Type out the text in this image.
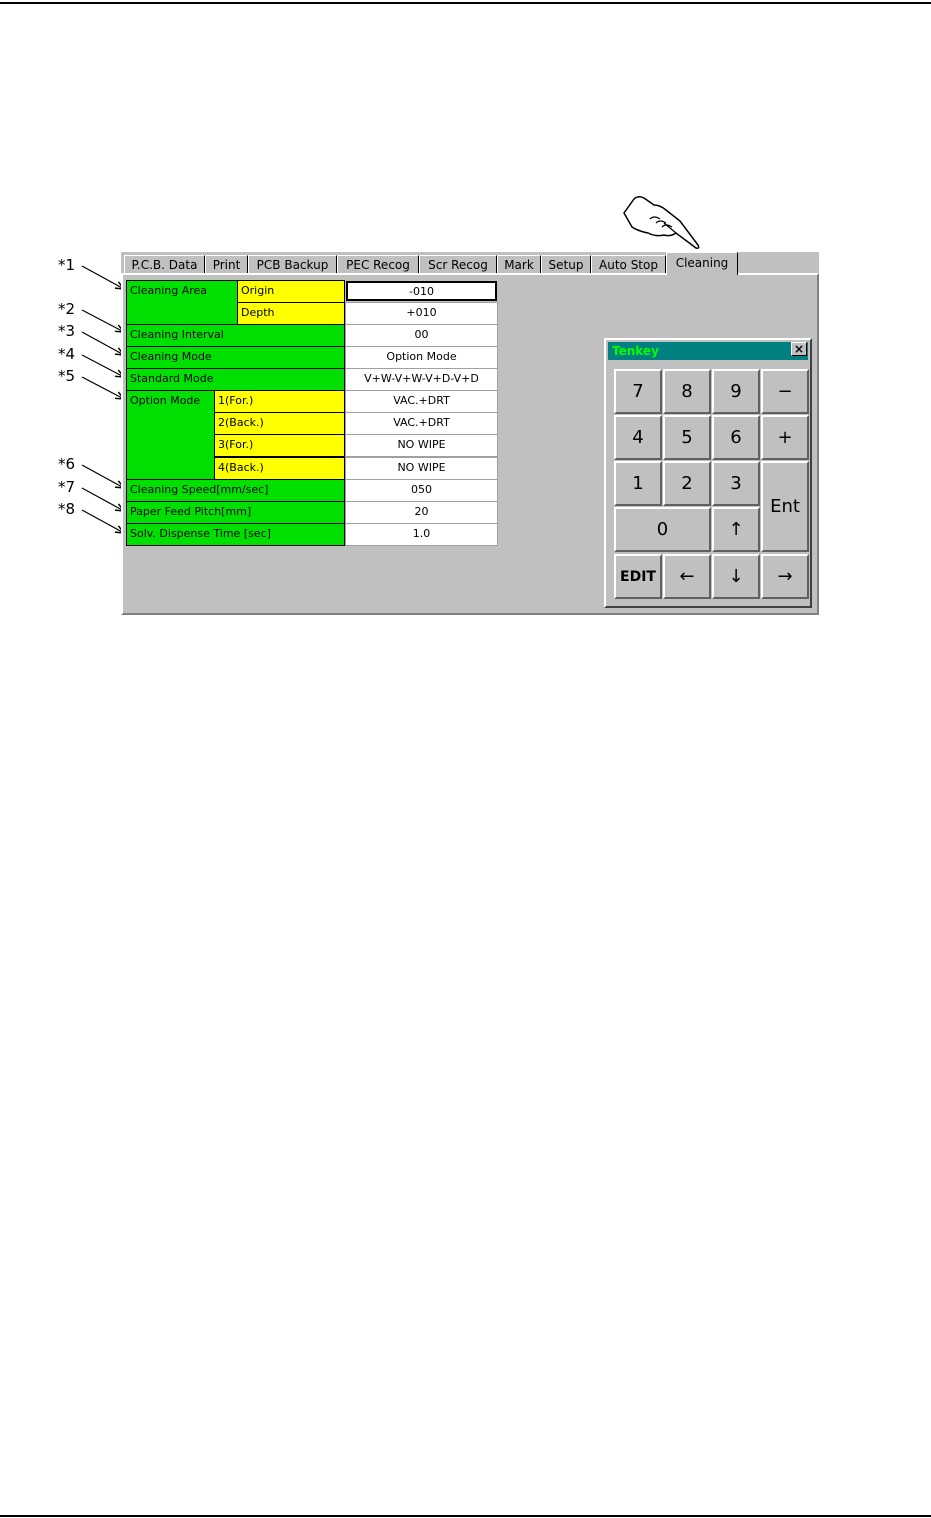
*1
*2
*3
*4
*5
*6
*7
*8
P.C.B. Data	Print	PCB Backup	PEC Recog	Scr Recog	Mark	Setup	Auto Stop	Cleaning
Cleaning Area	Origin	-010
Depth	+010
Cleaning Interval	00
Cleaning Mode	Option Mode
Standard Mode	V+W-V+W-V+D-V+D
Option Mode	1(For.)	VAC.+DRT
2(Back.)	VAC.+DRT
3(For.)	NO WIPE
4(Back.)	NO WIPE
Cleaning Speed[mm/sec]	050
Paper Feed Pitch[mm]	20
Solv. Dispense Time [sec]	1.0
Tenkey	×
7	8	9	−
4	5	6	+
1	2	3
Ent
0	↑
EDIT	←	↓	→
